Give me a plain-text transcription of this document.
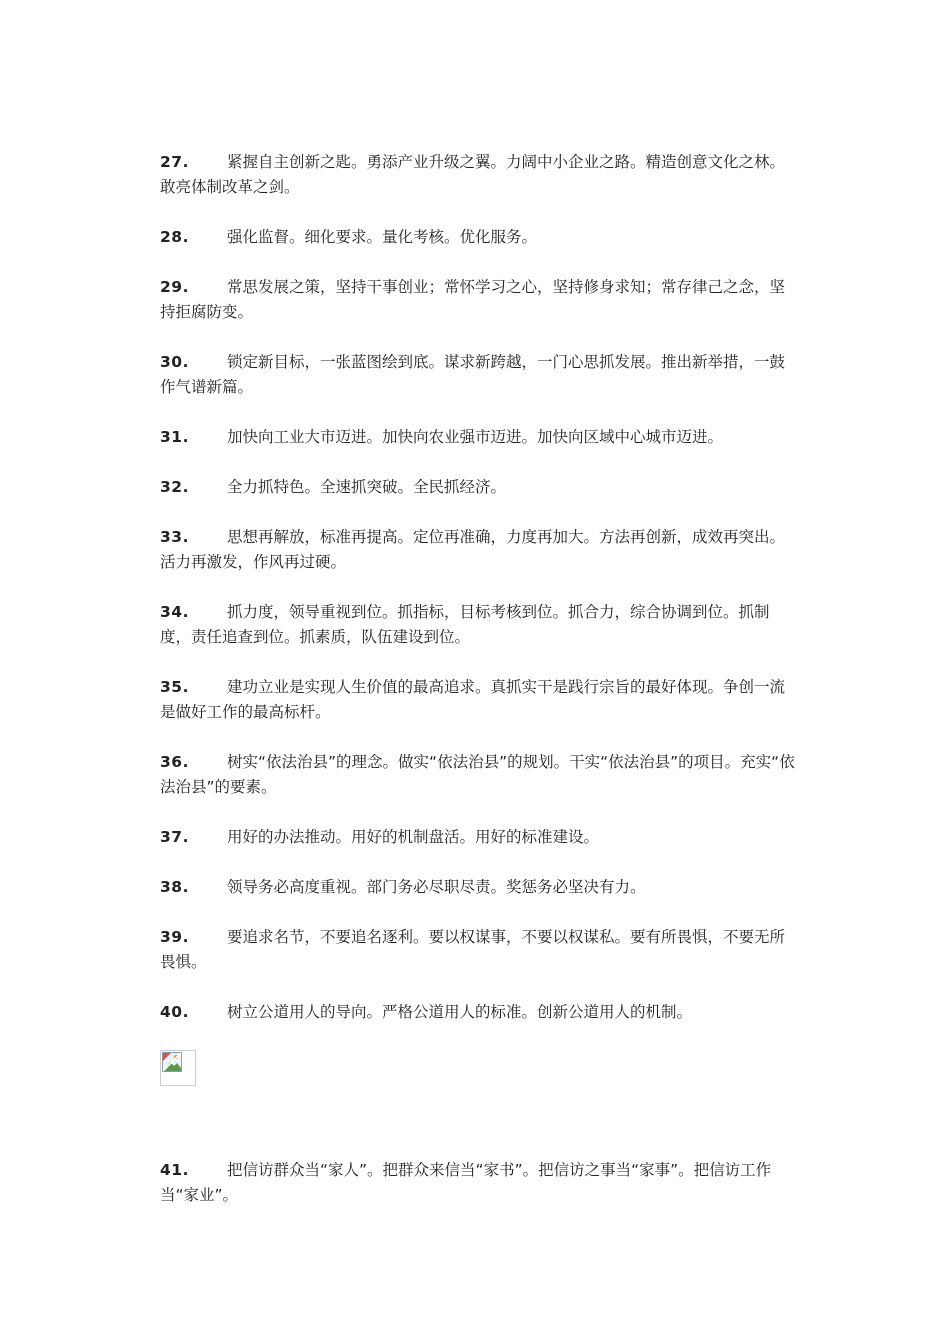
27.	紧握自主创新之匙。勇添产业升级之翼。力阔中小企业之路。精造创意文化之林。敢亮体制改革之剑。
28.	强化监督。细化要求。量化考核。优化服务。
29.	常思发展之策，坚持干事创业；常怀学习之心，坚持修身求知；常存律己之念，坚持拒腐防变。
30.	锁定新目标，一张蓝图绘到底。谋求新跨越，一门心思抓发展。推出新举措，一鼓作气谱新篇。
31.	加快向工业大市迈进。加快向农业强市迈进。加快向区域中心城市迈进。
32.	全力抓特色。全速抓突破。全民抓经济。
33.	思想再解放，标准再提高。定位再准确，力度再加大。方法再创新，成效再突出。活力再激发，作风再过硬。
34.	抓力度，领导重视到位。抓指标，目标考核到位。抓合力，综合协调到位。抓制度，责任追查到位。抓素质，队伍建设到位。
35.	建功立业是实现人生价值的最高追求。真抓实干是践行宗旨的最好体现。争创一流是做好工作的最高标杆。
36.	树实“依法治县”的理念。做实“依法治县”的规划。干实“依法治县”的项目。充实“依法治县”的要素。
37.	用好的办法推动。用好的机制盘活。用好的标准建设。
38.	领导务必高度重视。部门务必尽职尽责。奖惩务必坚决有力。
39.	要追求名节，不要追名逐利。要以权谋事，不要以权谋私。要有所畏惧，不要无所畏惧。
40.	树立公道用人的导向。严格公道用人的标准。创新公道用人的机制。
41.	把信访群众当“家人”。把群众来信当“家书”。把信访之事当“家事”。把信访工作当“家业”。
